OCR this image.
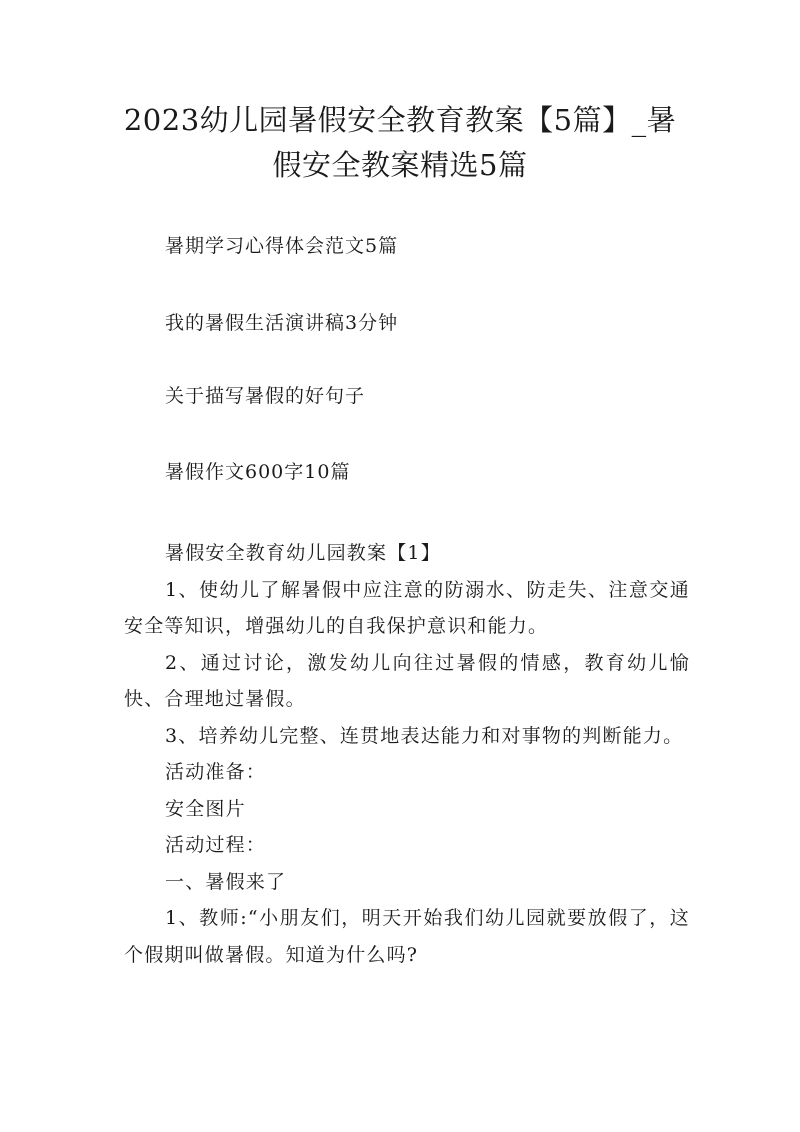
2023幼儿园暑假安全教育教案【5篇】_暑
假安全教案精选5篇
暑期学习心得体会范文5篇
我的暑假生活演讲稿3分钟
关于描写暑假的好句子
暑假作文600字10篇

暑假安全教育幼儿园教案【1】

1、使幼儿了解暑假中应注意的防溺水、防走失、注意交通安全等知识，增强幼儿的自我保护意识和能力。

2、通过讨论，激发幼儿向往过暑假的情感，教育幼儿愉快、合理地过暑假。

3、培养幼儿完整、连贯地表达能力和对事物的判断能力。

活动准备：

安全图片

活动过程：

一、暑假来了

1、教师:“小朋友们，明天开始我们幼儿园就要放假了，这个假期叫做暑假。知道为什么吗?
